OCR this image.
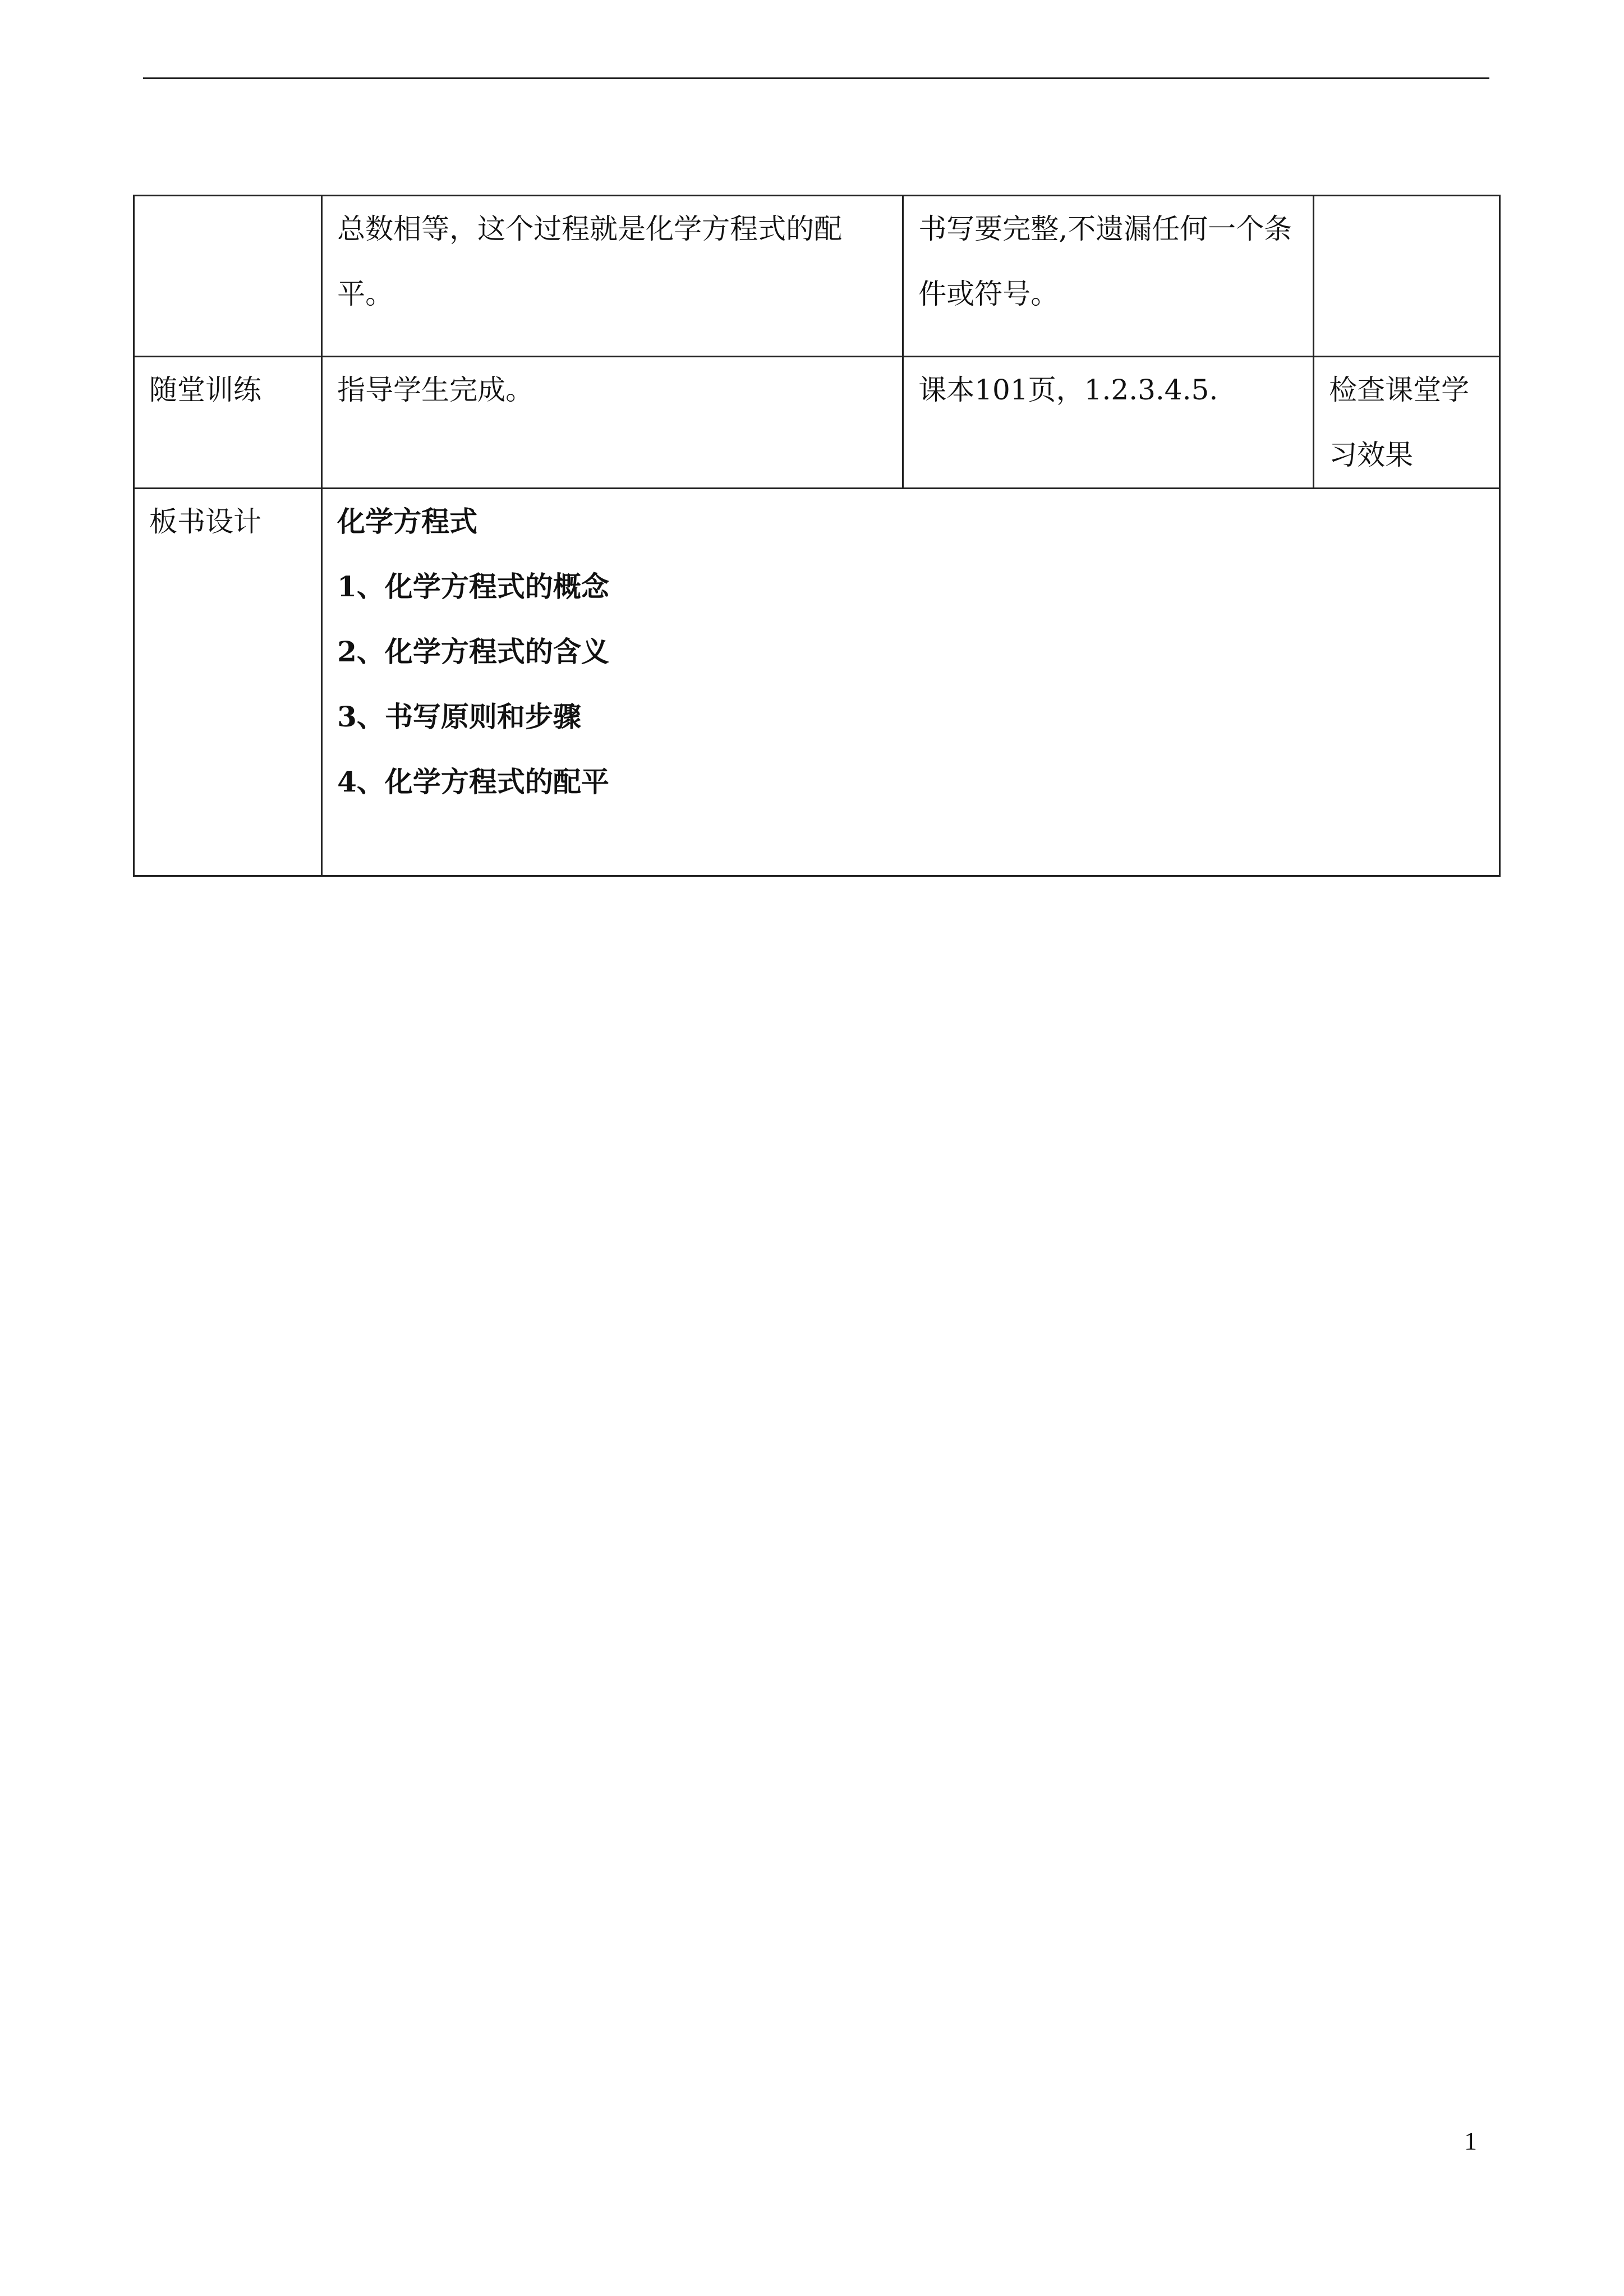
	总数相等，这个过程就是化学方程式的配平。	书写要完整,不遗漏任何一个条件或符号。	

随堂训练	指导学生完成。	课本101页，1.2.3.4.5.	检查课堂学习效果

板书设计	化学方程式
1、化学方程式的概念
2、化学方程式的含义
3、书写原则和步骤
4、化学方程式的配平		
1
